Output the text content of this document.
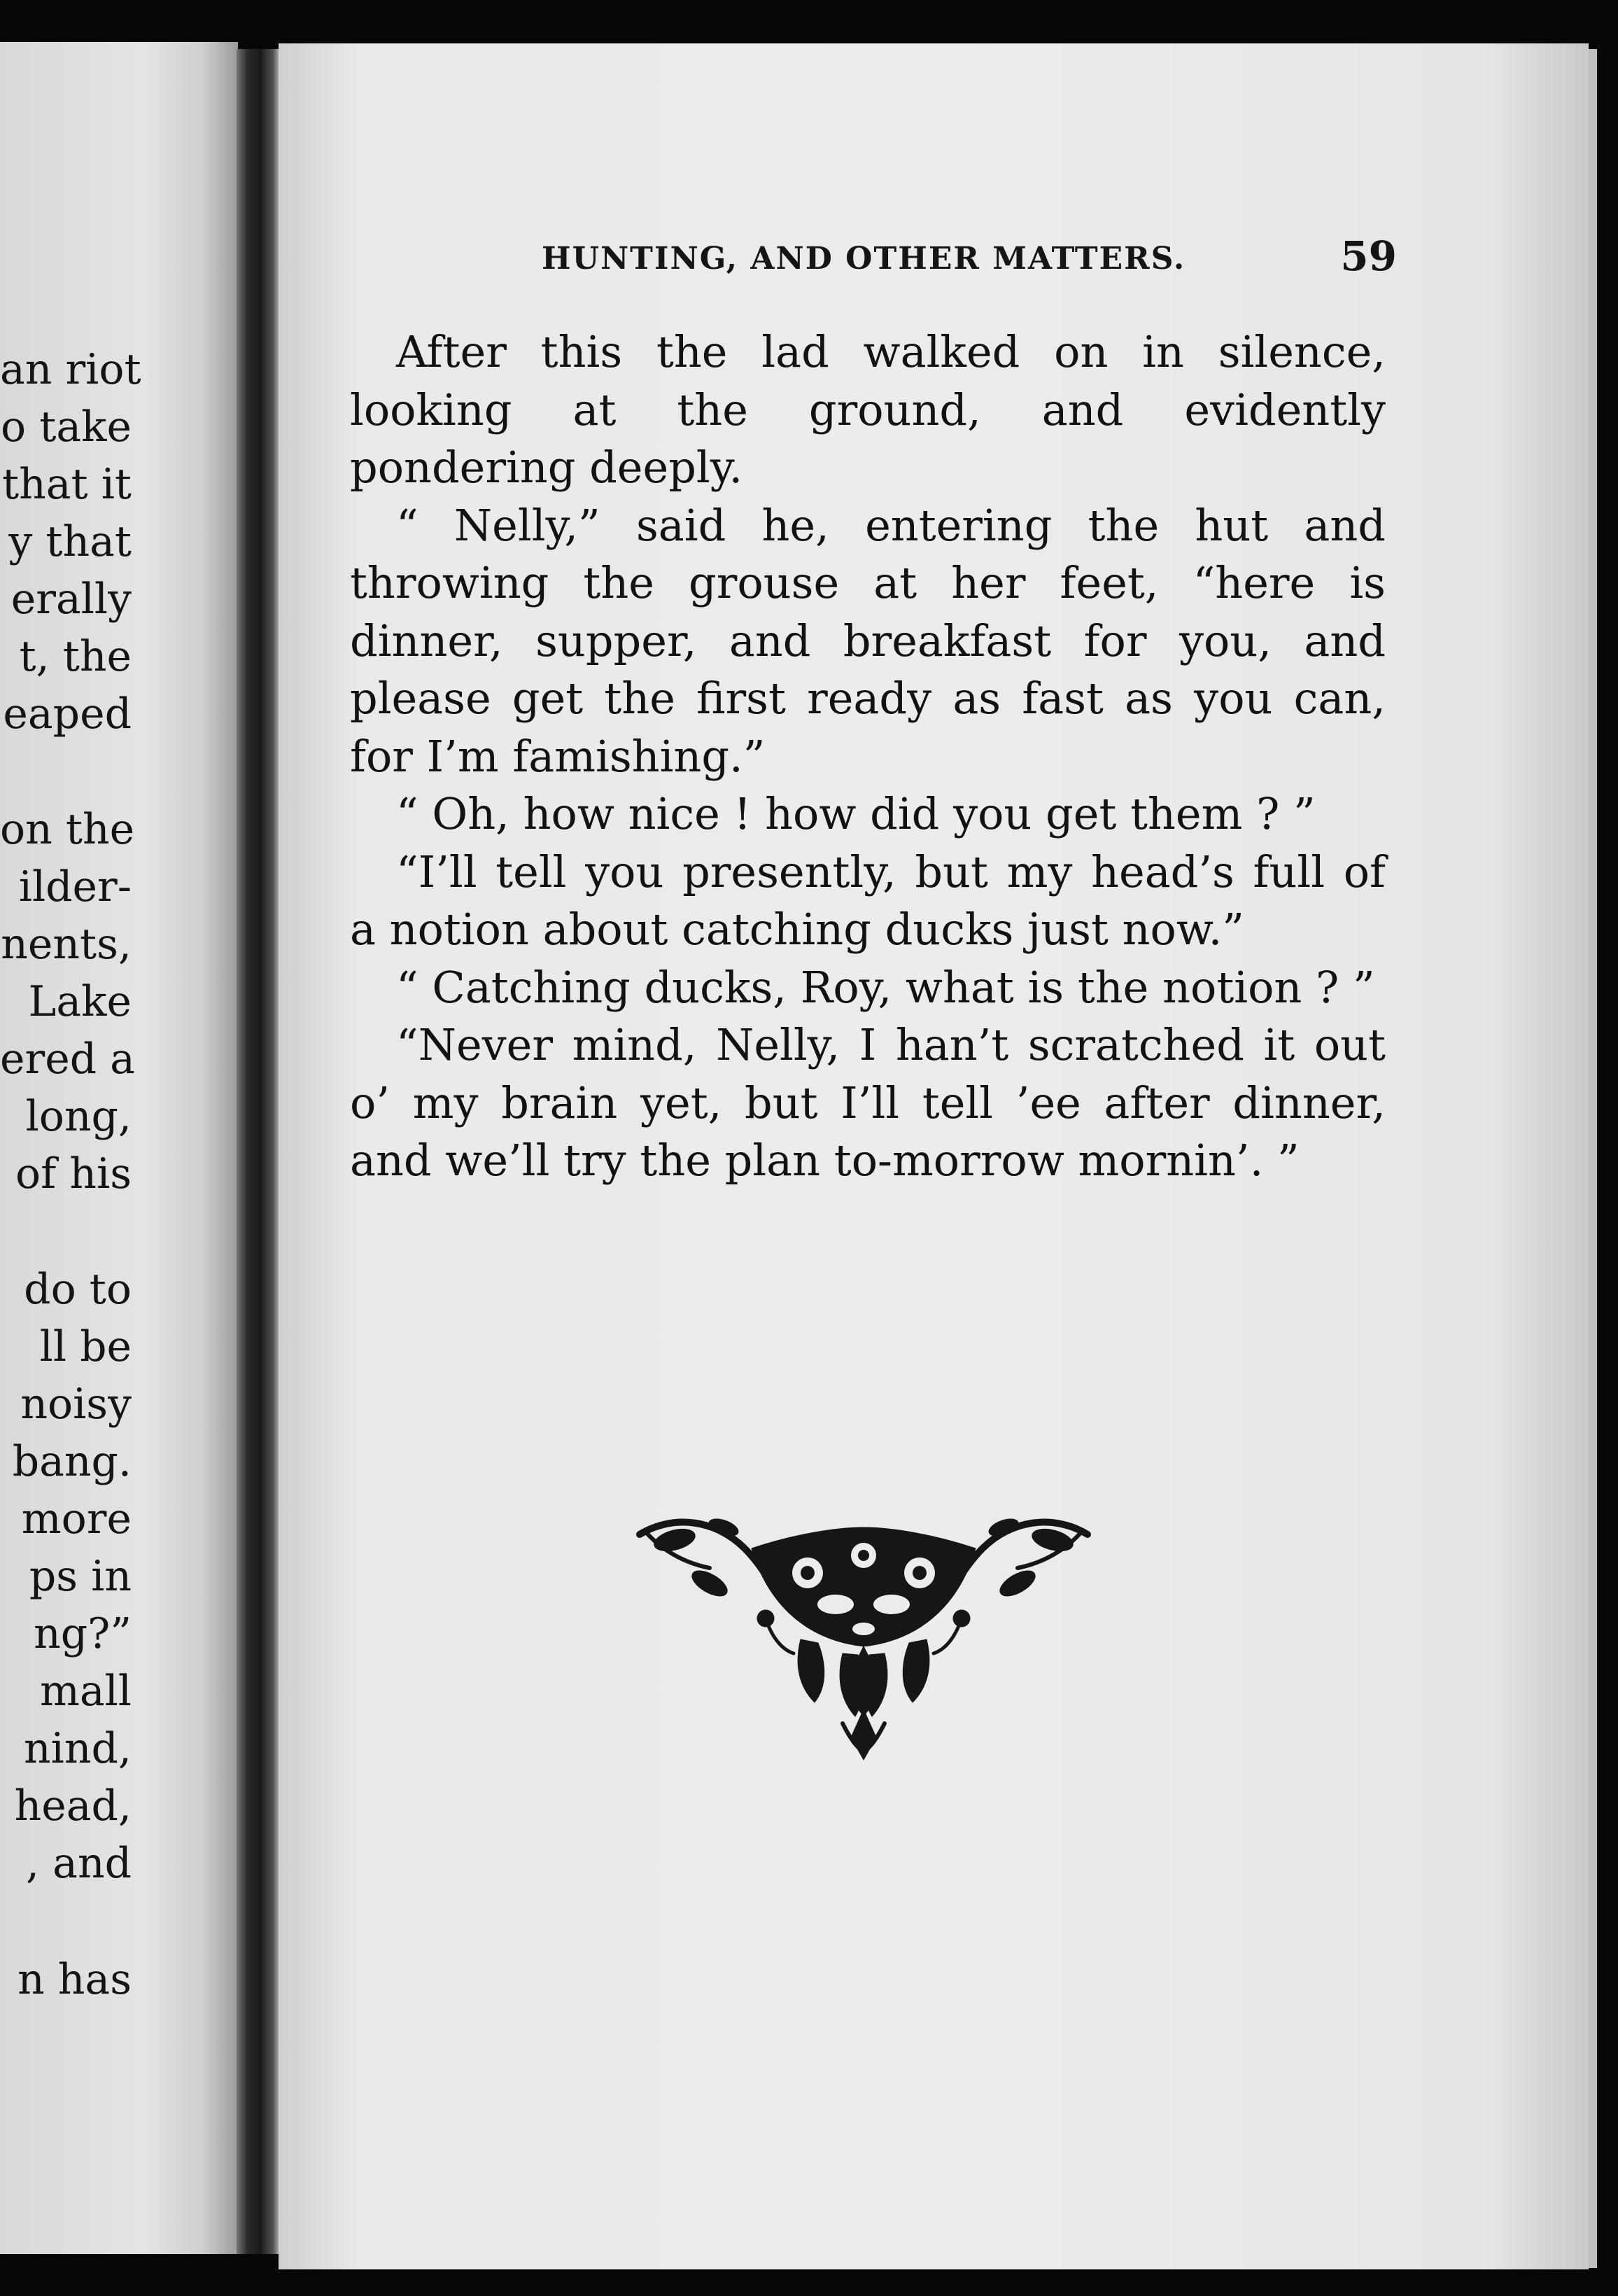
an riot
o take
that it
y that
erally
t, the
eaped
on the
ilder-
nents,
Lake
ered a
long,
of his
do to
ll be
noisy
bang.
more
ps in
ng?”
mall
nind,
head,
, and
n has
HUNTING, AND OTHER MATTERS.	59

After this the lad walked on in silence, looking at the ground, and evidently pondering deeply.

“ Nelly,” said he, entering the hut and throwing the grouse at her feet, “here is dinner, supper, and breakfast for you, and please get the first ready as fast as you can, for I’m famishing.”

“ Oh, how nice ! how did you get them ? ”

“I’ll tell you presently, but my head’s full of a notion about catching ducks just now.”

“ Catching ducks, Roy, what is the notion ? ”

“Never mind, Nelly, I han’t scratched it out o’ my brain yet, but I’ll tell ’ee after dinner, and we’ll try the plan to-morrow mornin’. ”
